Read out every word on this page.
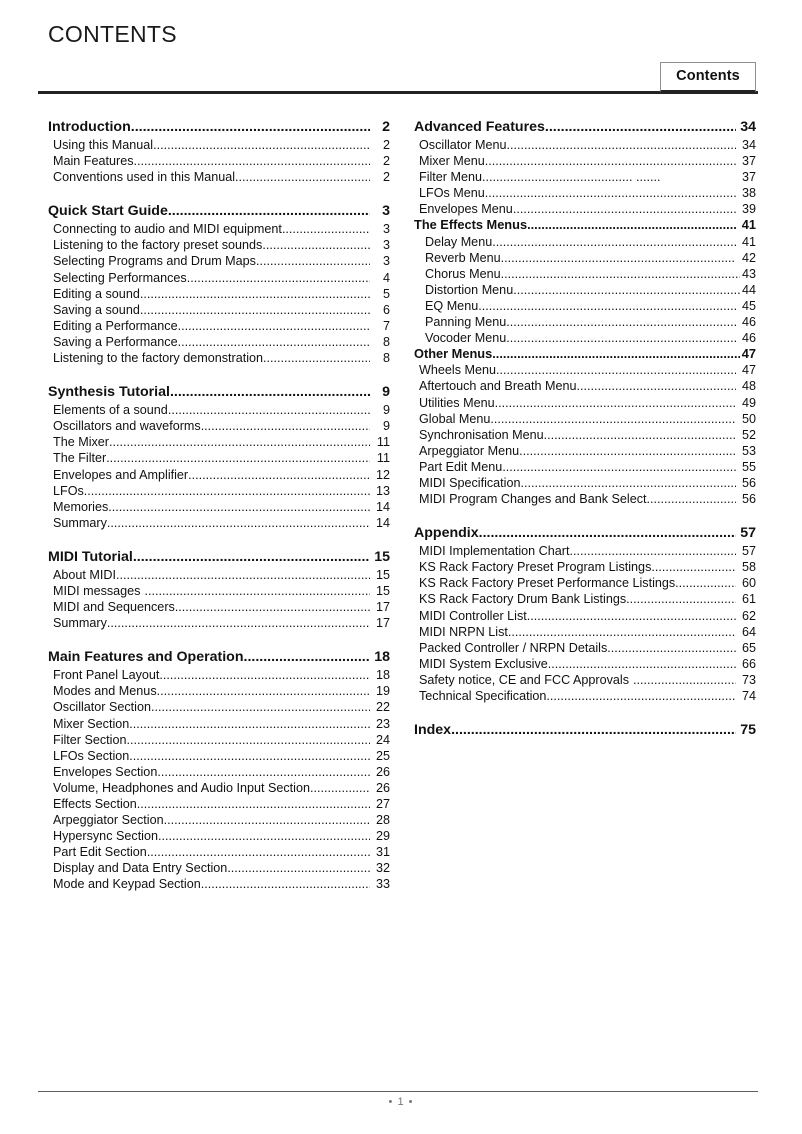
CONTENTS
Contents
Introduction .....	2
Using this Manual .....	2
Main Features .....	2
Conventions used in this Manual .....	2
Quick Start Guide .....	3
Connecting to audio and MIDI equipment .....	3
Listening to the factory preset sounds .....	3
Selecting Programs and Drum Maps .....	3
Selecting Performances .....	4
Editing a sound .....	5
Saving a sound .....	6
Editing a Performance .....	7
Saving a Performance .....	8
Listening to the factory demonstration .....	8
Synthesis Tutorial .....	9
Elements of a sound .....	9
Oscillators and waveforms .....	9
The Mixer .....	11
The Filter .....	11
Envelopes and Amplifier .....	12
LFOs .....	13
Memories .....	14
Summary .....	14
MIDI Tutorial .....	15
About MIDI .....	15
MIDI messages .....	15
MIDI and Sequencers .....	17
Summary .....	17
Main Features and Operation .....	18
Front Panel Layout .....	18
Modes and Menus .....	19
Oscillator Section .....	22
Mixer Section .....	23
Filter Section .....	24
LFOs Section .....	25
Envelopes Section .....	26
Volume, Headphones and Audio Input Section .....	26
Effects Section .....	27
Arpeggiator Section .....	28
Hypersync Section .....	29
Part Edit Section .....	31
Display and Data Entry Section .....	32
Mode and Keypad Section .....	33
Advanced Features .....	34
Oscillator Menu .....	34
Mixer Menu .....	37
Filter Menu .....	37
LFOs Menu .....	38
Envelopes Menu .....	39
The Effects Menus .....	41
Delay Menu .....	41
Reverb Menu .....	42
Chorus Menu .....	43
Distortion Menu .....	44
EQ Menu .....	45
Panning Menu .....	46
Vocoder Menu .....	46
Other Menus .....	47
Wheels Menu .....	47
Aftertouch and Breath Menu .....	48
Utilities Menu .....	49
Global Menu .....	50
Synchronisation Menu .....	52
Arpeggiator Menu .....	53
Part Edit Menu .....	55
MIDI Specification .....	56
MIDI Program Changes and Bank Select .....	56
Appendix .....	57
MIDI Implementation Chart .....	57
KS Rack Factory Preset Program Listings .....	58
KS Rack Factory Preset Performance Listings .....	60
KS Rack Factory Drum Bank Listings .....	61
MIDI Controller List .....	62
MIDI NRPN List .....	64
Packed Controller / NRPN Details .....	65
MIDI System Exclusive .....	66
Safety notice, CE and FCC Approvals .....	73
Technical Specification .....	74
Index .....	75
• 1 •
